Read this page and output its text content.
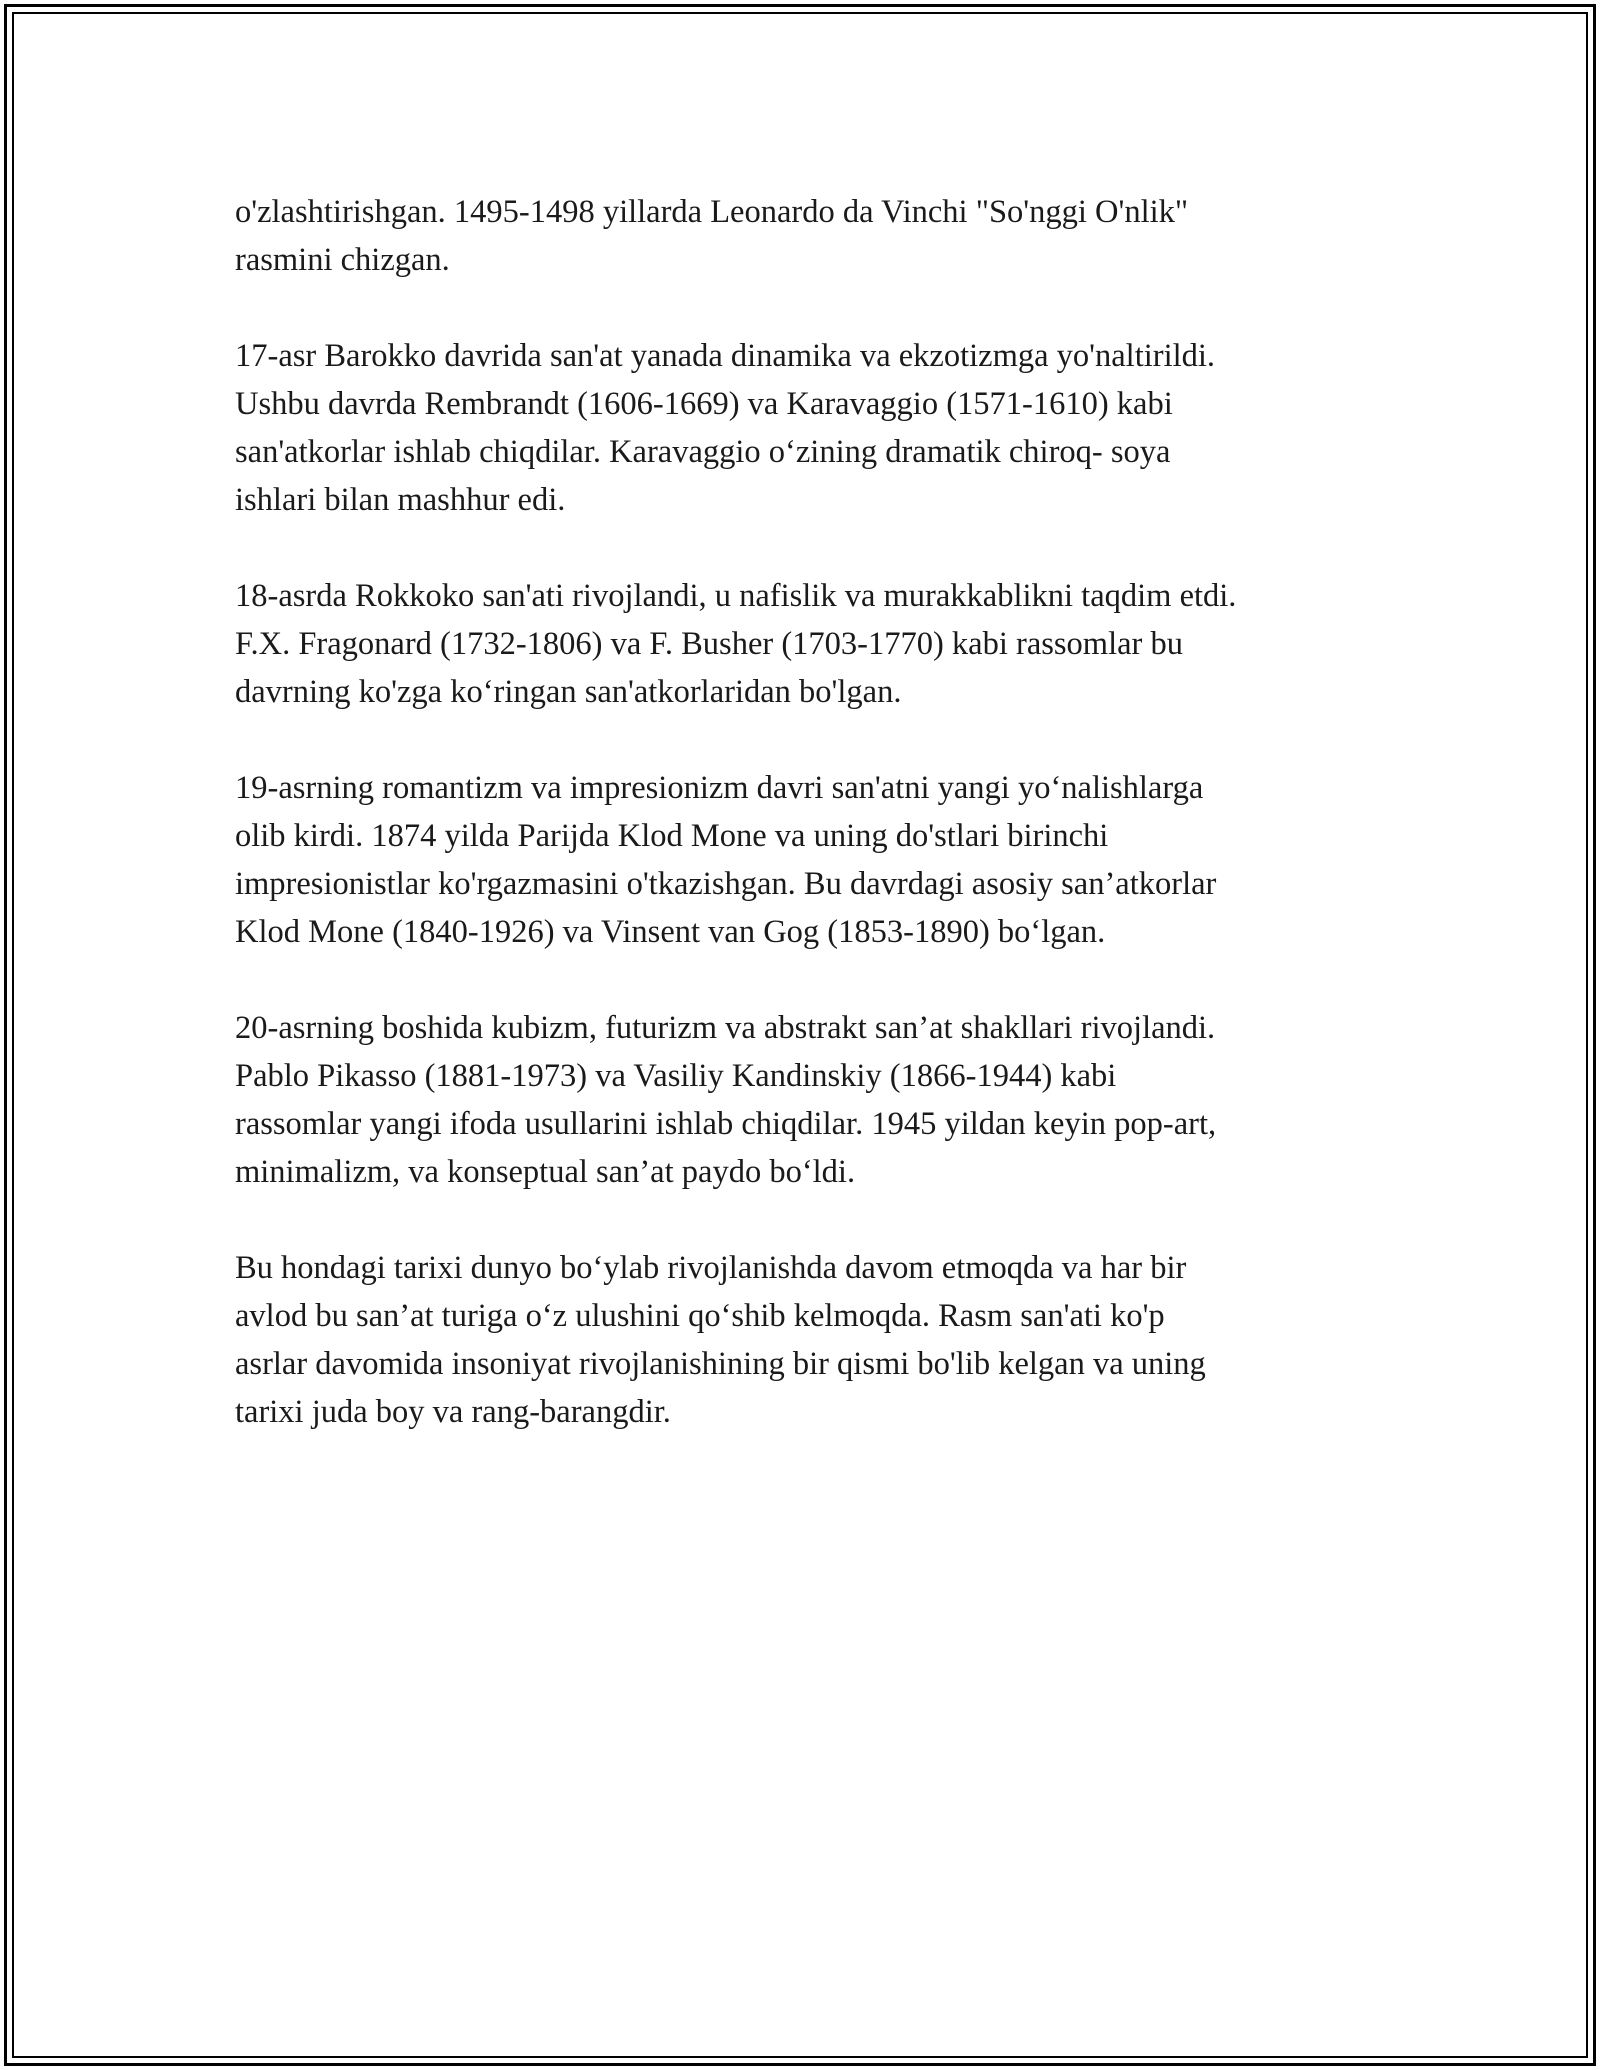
o'zlashtirishgan. 1495-1498 yillarda Leonardo da Vinchi "So'nggi O'nlik"
rasmini chizgan.
17-asr Barokko davrida san'at yanada dinamika va ekzotizmga yo'naltirildi.
Ushbu davrda Rembrandt (1606-1669) va Karavaggio (1571-1610) kabi
san'atkorlar ishlab chiqdilar. Karavaggio o‘zining dramatik chiroq- soya
ishlari bilan mashhur edi.
18-asrda Rokkoko san'ati rivojlandi, u nafislik va murakkablikni taqdim etdi.
F.X. Fragonard (1732-1806) va F. Busher (1703-1770) kabi rassomlar bu
davrning ko'zga ko‘ringan san'atkorlaridan bo'lgan.
19-asrning romantizm va impresionizm davri san'atni yangi yo‘nalishlarga
olib kirdi. 1874 yilda Parijda Klod Mone va uning do'stlari birinchi
impresionistlar ko'rgazmasini o'tkazishgan. Bu davrdagi asosiy san’atkorlar
Klod Mone (1840-1926) va Vinsent van Gog (1853-1890) bo‘lgan.
20-asrning boshida kubizm, futurizm va abstrakt san’at shakllari rivojlandi.
Pablo Pikasso (1881-1973) va Vasiliy Kandinskiy (1866-1944) kabi
rassomlar yangi ifoda usullarini ishlab chiqdilar. 1945 yildan keyin pop-art,
minimalizm, va konseptual san’at paydo bo‘ldi.
Bu hondagi tarixi dunyo bo‘ylab rivojlanishda davom etmoqda va har bir
avlod bu san’at turiga o‘z ulushini qo‘shib kelmoqda. Rasm san'ati ko'p
asrlar davomida insoniyat rivojlanishining bir qismi bo'lib kelgan va uning
tarixi juda boy va rang-barangdir.
